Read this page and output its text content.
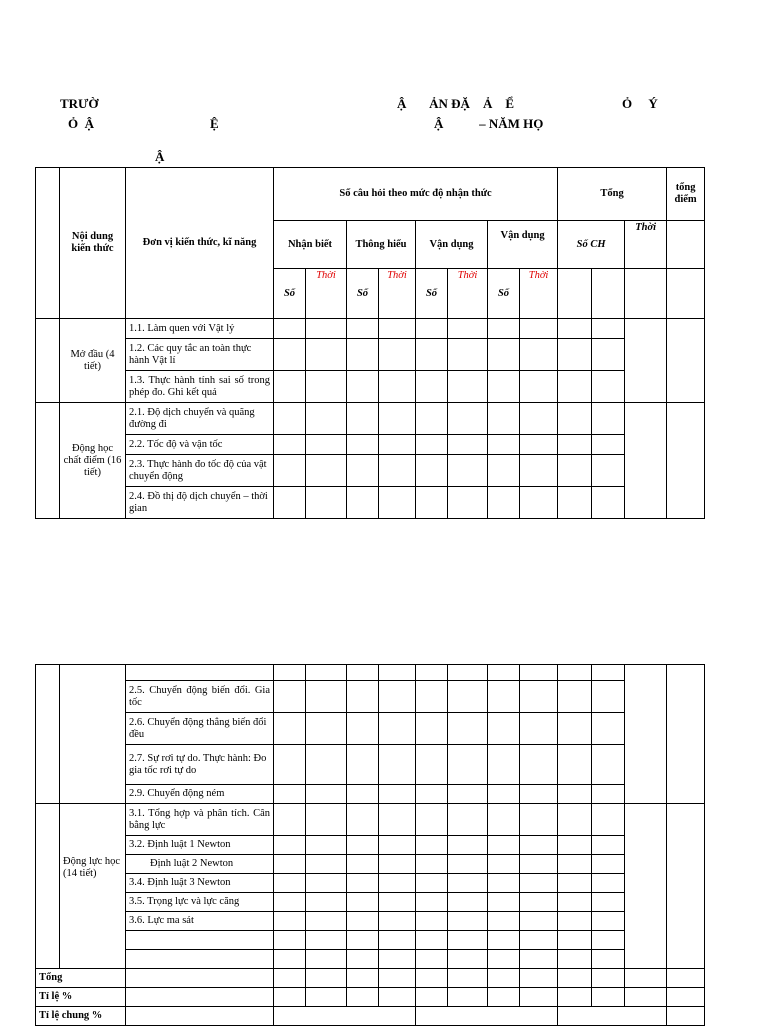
TRƯỜ	Ậ       ẢN ĐẶ    Ả    Ể	Ỏ     Ý
Ỏ  Ậ	Ệ	Ậ           – NĂM HỌ
Ậ
	Nội dung kiến thức	Đơn vị kiến thức, kĩ năng	Số câu hỏi theo mức độ nhận thức								Tổng			tổng điểm
			Nhận biết		Thông hiểu		Vận dụng		Vận dụng		Số CH		Thời	
			Số	Thời	Số	Thời	Số	Thời	Số	Thời				
	Mở đầu (4 tiết)	1.1. Làm quen với Vật lý												
		1.2. Các quy tắc an toàn thực hành Vật lí												
		1.3. Thực hành tính sai số trong phép đo. Ghi kết quả												
	Động học chất điểm (16 tiết)	2.1. Độ dịch chuyển và quãng đường đi												
		2.2. Tốc độ và vận tốc												
		2.3. Thực hành đo tốc độ của vật chuyển động												
		2.4. Đồ thị độ dịch chuyển – thời gian												

		2.5. Chuyển động biến đổi. Gia tốc												
		2.6. Chuyển động thẳng biến đổi đều												
		2.7. Sự rơi tự do. Thực hành: Đo gia tốc rơi tự do												
		2.9. Chuyển động ném												
	Động lực học (14 tiết)	3.1. Tổng hợp và phân tích. Cân bằng lực												
		3.2. Định luật 1 Newton												
		Định luật 2 Newton												
		3.4. Định luật 3 Newton												
		3.5. Trọng lực và lực căng												
		3.6. Lực ma sát												

Tổng														
Tỉ lệ %														
Tỉ lệ chung %														
